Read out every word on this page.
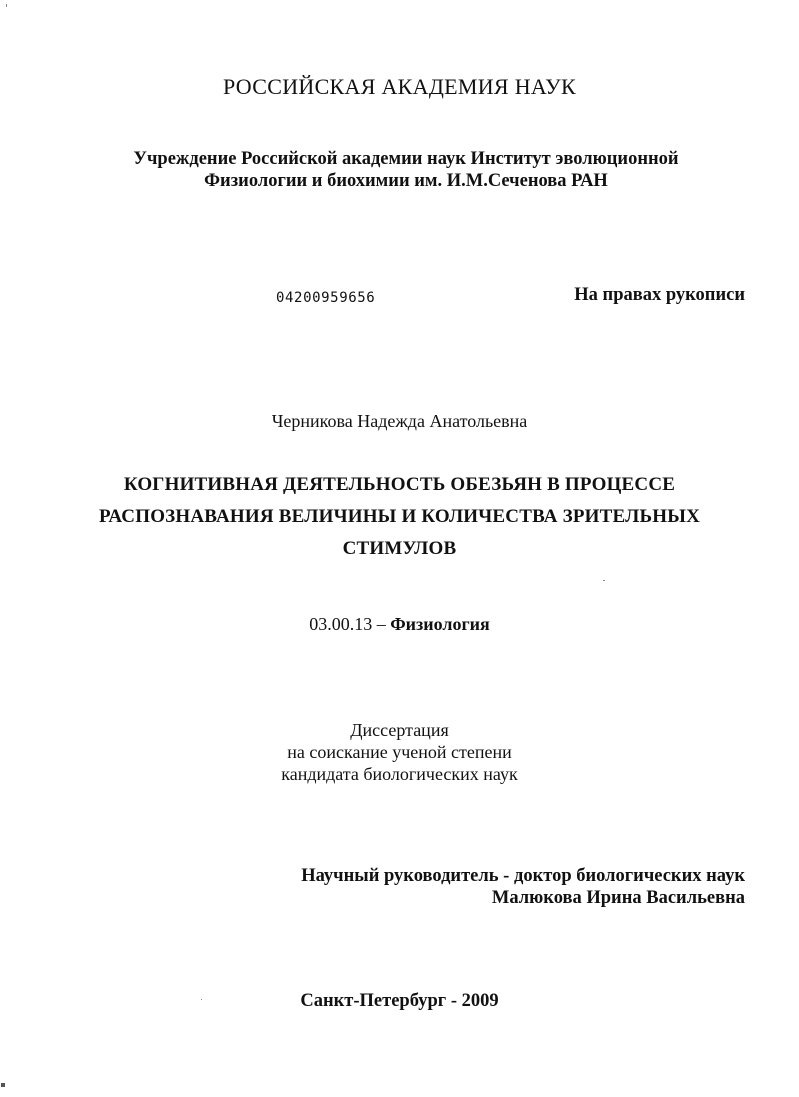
РОССИЙСКАЯ АКАДЕМИЯ НАУК
Учреждение Российской академии наук Институт эволюционной
Физиологии и биохимии им. И.М.Сеченова РАН
04200959656	На правах рукописи
Черникова Надежда Анатольевна
КОГНИТИВНАЯ ДЕЯТЕЛЬНОСТЬ ОБЕЗЬЯН В ПРОЦЕССЕ
РАСПОЗНАВАНИЯ ВЕЛИЧИНЫ И КОЛИЧЕСТВА ЗРИТЕЛЬНЫХ
СТИМУЛОВ
03.00.13 – Физиология
Диссертация
на соискание ученой степени
кандидата биологических наук
Научный руководитель - доктор биологических наук
Малюкова Ирина Васильевна
Санкт-Петербург - 2009
